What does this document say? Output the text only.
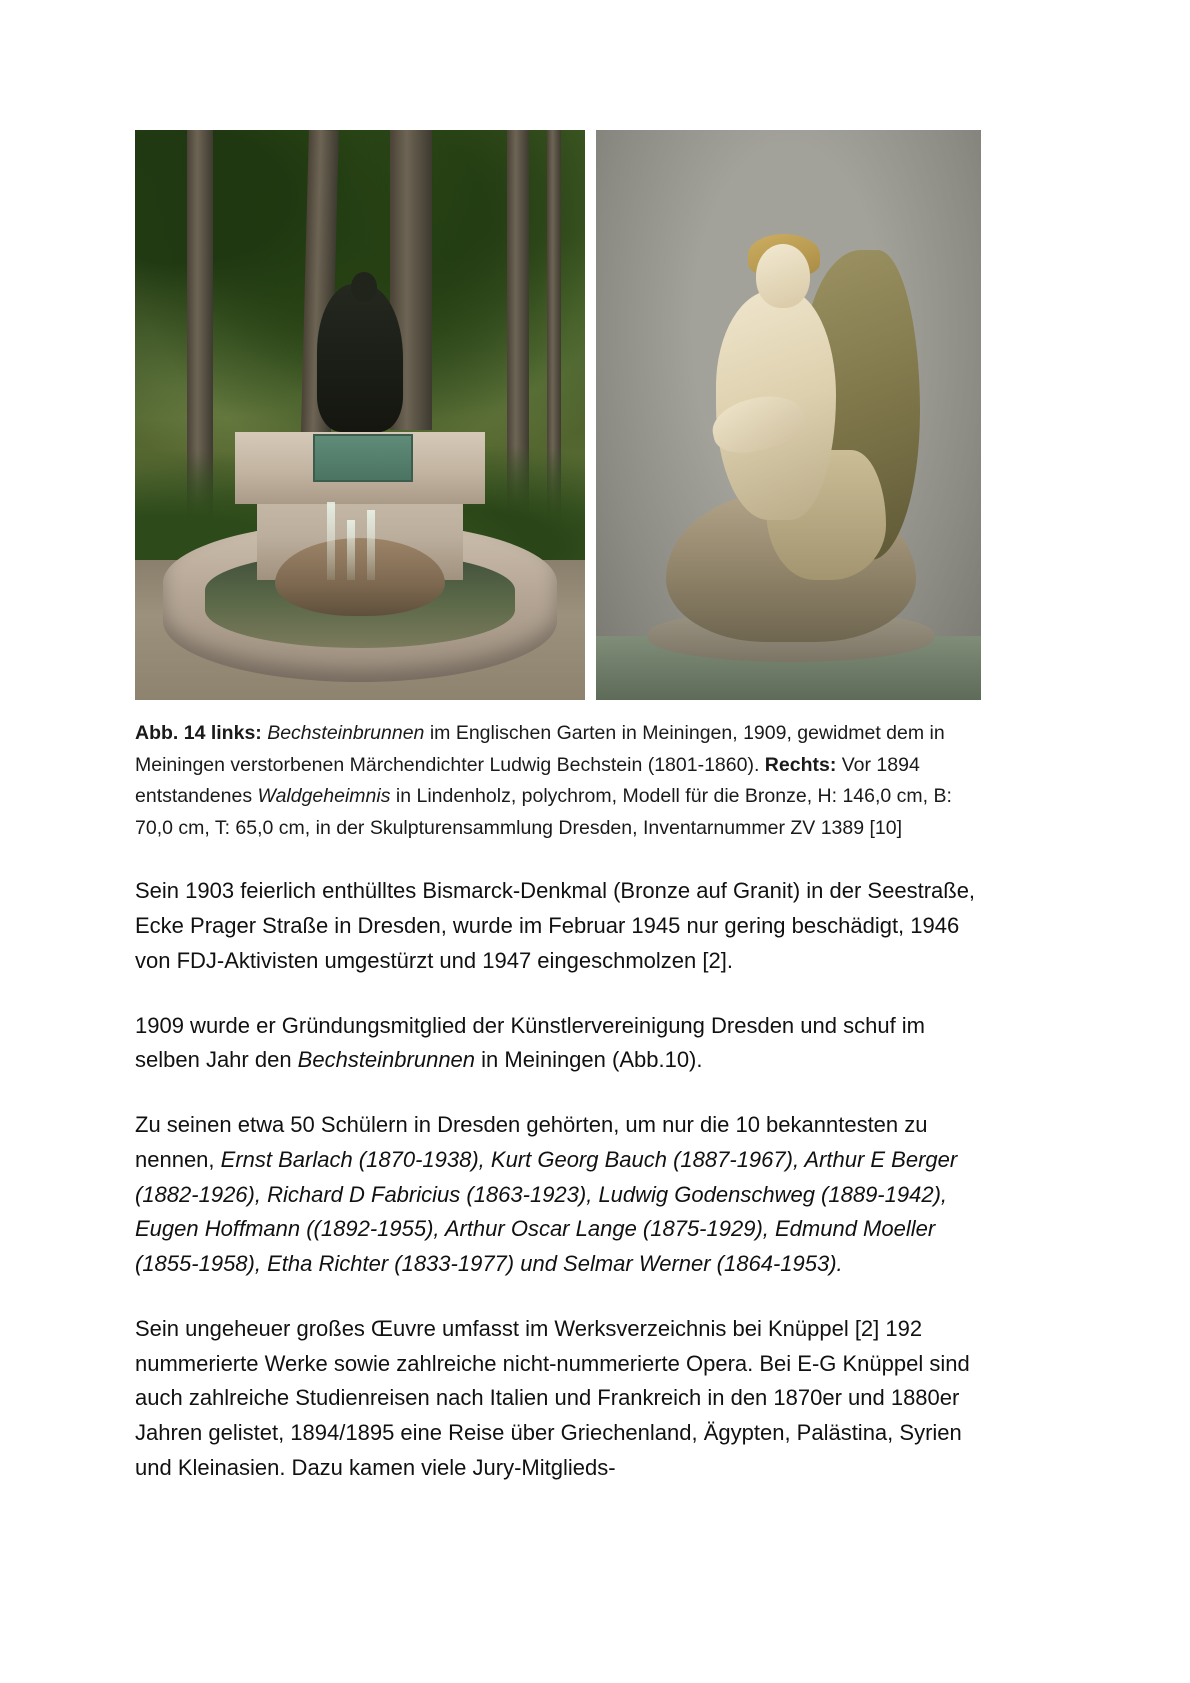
Abb. 14 links: Bechsteinbrunnen im Englischen Garten in Meiningen, 1909, gewidmet dem in Meiningen verstorbenen Märchendichter Ludwig Bechstein (1801-1860). Rechts: Vor 1894 entstandenes Waldgeheimnis in Lindenholz, polychrom, Modell für die Bronze, H: 146,0 cm, B: 70,0 cm, T: 65,0 cm, in der Skulpturensammlung Dresden, Inventarnummer ZV 1389 [10]

Sein 1903 feierlich enthülltes Bismarck-Denkmal (Bronze auf Granit) in der Seestraße, Ecke Prager Straße in Dresden, wurde im Februar 1945 nur gering beschädigt, 1946 von FDJ-Aktivisten umgestürzt und 1947 eingeschmolzen [2].

1909 wurde er Gründungsmitglied der Künstlervereinigung Dresden und schuf im selben Jahr den Bechsteinbrunnen in Meiningen (Abb.10).

Zu seinen etwa 50 Schülern in Dresden gehörten, um nur die 10 bekanntesten zu nennen, Ernst Barlach (1870-1938), Kurt Georg Bauch (1887-1967), Arthur E Berger (1882-1926), Richard D Fabricius (1863-1923), Ludwig Godenschweg (1889-1942), Eugen Hoffmann ((1892-1955), Arthur Oscar Lange (1875-1929), Edmund Moeller (1855-1958), Etha Richter (1833-1977) und Selmar Werner (1864-1953).

Sein ungeheuer großes Œuvre umfasst im Werksverzeichnis bei Knüppel [2] 192 nummerierte Werke sowie zahlreiche nicht-nummerierte Opera. Bei E-G Knüppel sind auch zahlreiche Studienreisen nach Italien und Frankreich in den 1870er und 1880er Jahren gelistet, 1894/1895 eine Reise über Griechenland, Ägypten, Palästina, Syrien und Kleinasien. Dazu kamen viele Jury-Mitglieds-
